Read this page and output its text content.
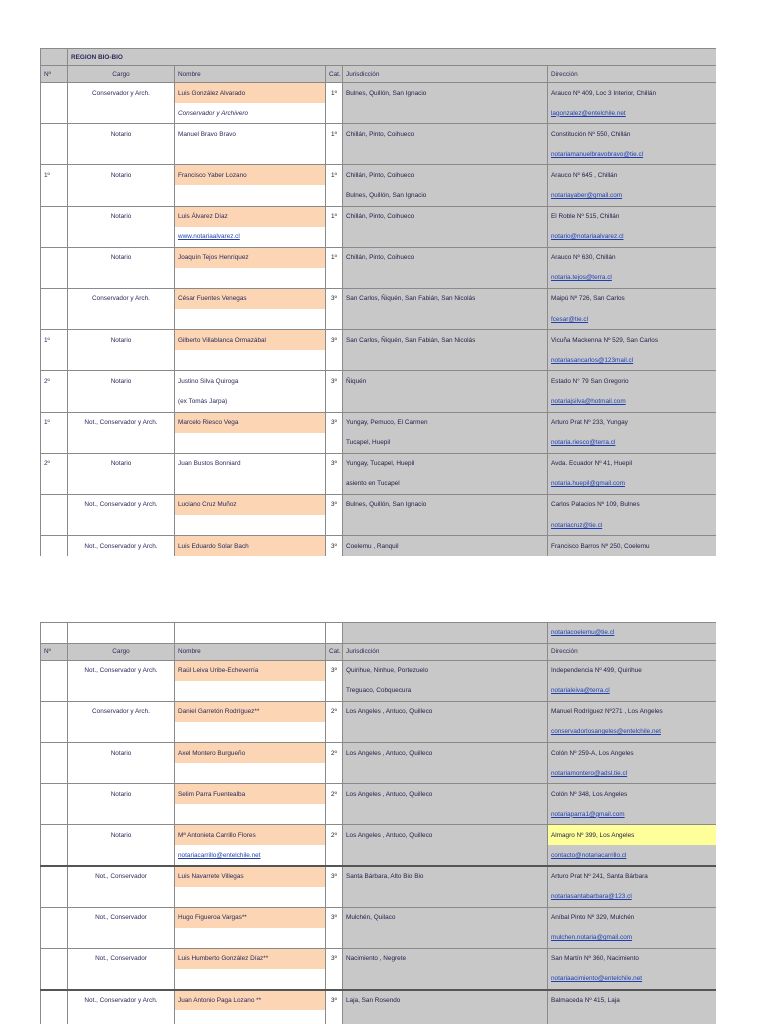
	REGION BIO-BIO				
Nº	Cargo	Nombre	Cat.	Jurisdicción	Dirección
	Conservador y Arch.	Luis González Alvarado	1º	Bulnes, Quillón, San Ignacio	Arauco Nº 409, Loc 3 Interior, Chillán
		Conservador y Archivero			lagonzalez@entelchile.net
	Notario	Manuel Bravo Bravo	1º	Chillán, Pinto, Coihueco	Constitución Nº 550, Chillán
					notariamanuelbravobravo@tie.cl
1º	Notario	Francisco Yaber Lozano	1º	Chillán, Pinto, Coihueco	Arauco Nº 645 , Chillán
				Bulnes, Quillón, San Ignacio	notariayaber@gmail.com
	Notario	Luis Álvarez Díaz	1º	Chillán, Pinto, Coihueco	El Roble Nº 515, Chillán
		www.notariaalvarez.cl			notario@notariaalvarez.cl
	Notario	Joaquín Tejos Henríquez	1º	Chillán, Pinto, Coihueco	Arauco Nº 630, Chillán
					notaria.tejos@terra.cl
	Conservador y Arch.	César Fuentes Venegas	3º	San Carlos, Ñiquén, San Fabián, San Nicolás	Maipú Nº 726, San Carlos
					fcesar@tie.cl
1º	Notario	Gilberto Villablanca Ormazábal	3º	San Carlos, Ñiquén, San Fabián, San Nicolás	Vicuña Mackenna Nº 529, San Carlos
					notariasancarlos@123mail.cl
2º	Notario	Justino Silva Quiroga	3º	Ñiquén	Estado N° 79 San Gregorio
		(ex Tomás Jarpa)			notariajsilva@hotmail.com
1º	Not., Conservador y Arch.	Marcelo Riesco Vega	3º	Yungay, Pemuco, El Carmen	Arturo Prat Nº 233, Yungay
				Tucapel, Huepil	notaria.riesco@terra.cl
2º	Notario	Juan Bustos Bonniard	3º	Yungay, Tucapel, Huepil	Avda. Ecuador Nº 41, Huepil
				asiento en Tucapel	notaria.huepil@gmail.com
	Not., Conservador y Arch.	Luciano Cruz Muñoz	3º	Bulnes, Quillón, San Ignacio	Carlos Palacios Nº 109, Bulnes
					notariacruz@tie.cl
	Not., Conservador y Arch.	Luis Eduardo Solar Bach	3º	Coelemu , Ranquil	Francisco Barros Nº 250, Coelemu
					notariacoelemu@tie.cl
Nº	Cargo	Nombre	Cat.	Jurisdicción	Dirección
	Not., Conservador y Arch.	Raúl Leiva Uribe-Echeverría	3º	Quirihue, Ninhue, Portezuelo	Independencia Nº 499, Quirihue
				Treguaco, Cobquecura	notarialeiva@terra.cl
	Conservador y Arch.	Daniel Garretón Rodríguez**	2º	Los Angeles , Antuco, Quilleco	Manuel Rodríguez Nº271 , Los Angeles
					conservadorlosangeles@entelchile.net
	Notario	Axel Montero Burgueño	2º	Los Angeles , Antuco, Quilleco	Colón Nº 259-A, Los Angeles
					notariamontero@adsl.tie.cl
	Notario	Selim Parra Fuentealba	2º	Los Angeles , Antuco, Quilleco	Colón Nº 348, Los Angeles
					notariaparra1@gmail.com
	Notario	Mª Antonieta Carrillo Flores	2º	Los Angeles , Antuco, Quilleco	Almagro Nº 399, Los Angeles
		notariacarrillo@entelchile.net			contacto@notariacarrillo.cl
	Not., Conservador	Luis Navarrete Villegas	3º	Santa Bárbara, Alto Bio Bio	Arturo Prat Nº 241, Santa Bárbara
					notariasantabarbara@123.cl
	Not., Conservador	Hugo Figueroa Vargas**	3º	Mulchén, Quilaco	Aníbal Pinto Nº 329, Mulchén
					mulchen.notaria@gmail.com
	Not., Conservador	Luis Humberto González Díaz**	3º	Nacimiento , Negrete	San Martín Nº 360, Nacimiento
					notariaacimiento@entelchile.net
	Not., Conservador y Arch.	Juan Antonio Paga Lozano **	3º	Laja, San Rosendo	Balmaceda Nº 415, Laja
